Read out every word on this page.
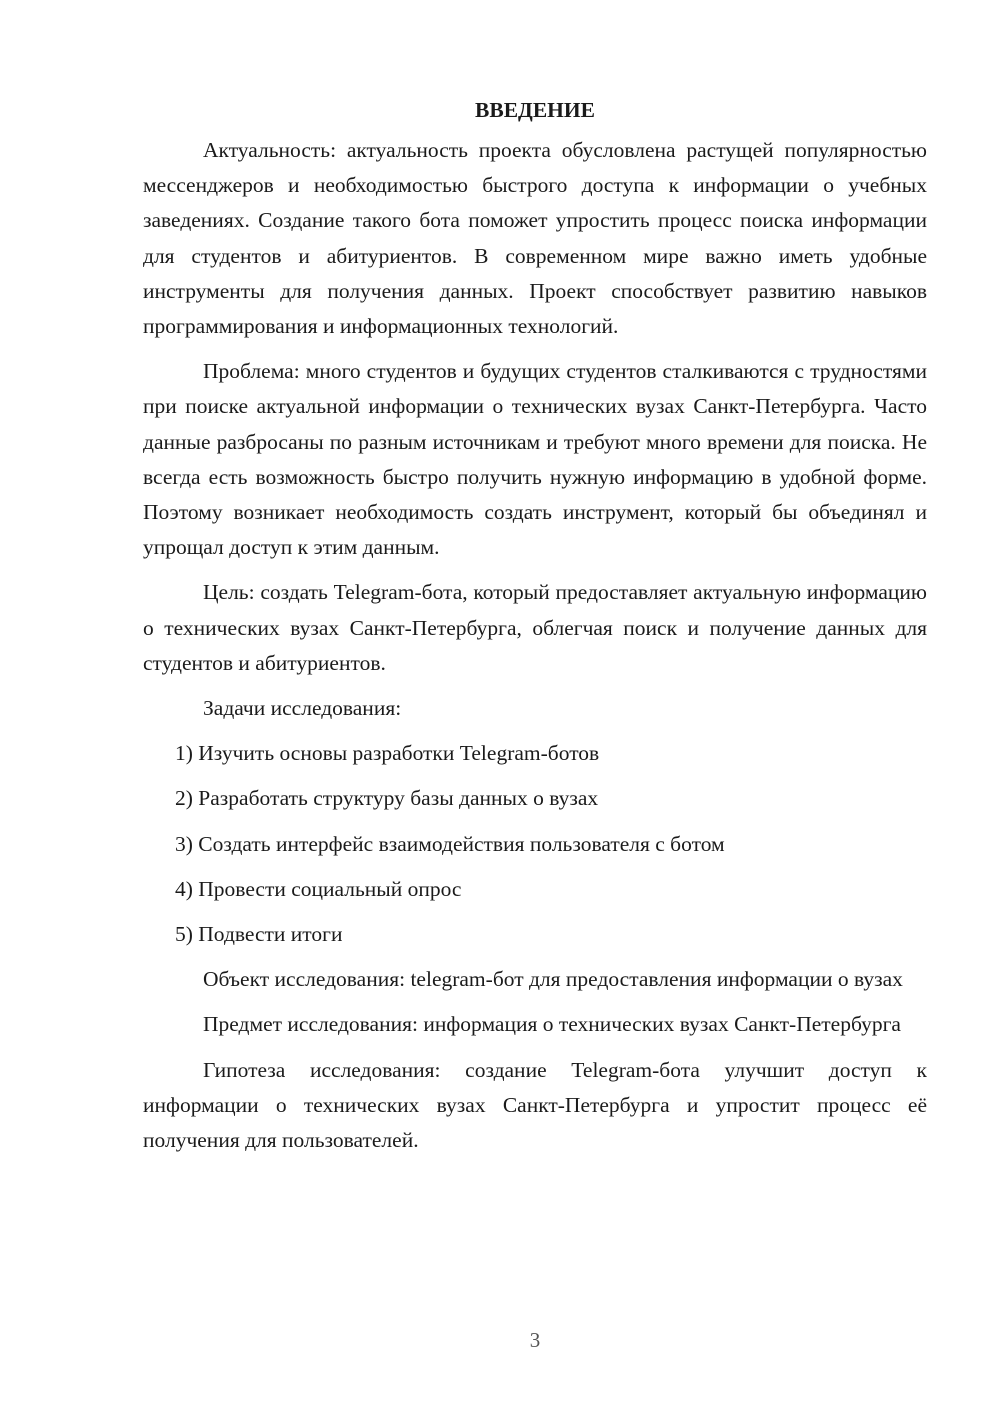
ВВЕДЕНИЕ

Актуальность: актуальность проекта обусловлена растущей популярностью мессенджеров и необходимостью быстрого доступа к информации о учебных заведениях. Создание такого бота поможет упростить процесс поиска информации для студентов и абитуриентов. В современном мире важно иметь удобные инструменты для получения данных. Проект способствует развитию навыков программирования и информационных технологий.

Проблема: много студентов и будущих студентов сталкиваются с трудностями при поиске актуальной информации о технических вузах Санкт-Петербурга. Часто данные разбросаны по разным источникам и требуют много времени для поиска. Не всегда есть возможность быстро получить нужную информацию в удобной форме. Поэтому возникает необходимость создать инструмент, который бы объединял и упрощал доступ к этим данным.

Цель: создать Telegram-бота, который предоставляет актуальную информацию о технических вузах Санкт-Петербурга, облегчая поиск и получение данных для студентов и абитуриентов.

Задачи исследования:

1) Изучить основы разработки Telegram-ботов
2) Разработать структуру базы данных о вузах
3) Создать интерфейс взаимодействия пользователя с ботом
4) Провести социальный опрос
5) Подвести итоги

Объект исследования: telegram-бот для предоставления информации о вузах

Предмет исследования: информация о технических вузах Санкт-Петербурга

Гипотеза исследования: создание Telegram-бота улучшит доступ к информации о технических вузах Санкт-Петербурга и упростит процесс её получения для пользователей.

3
